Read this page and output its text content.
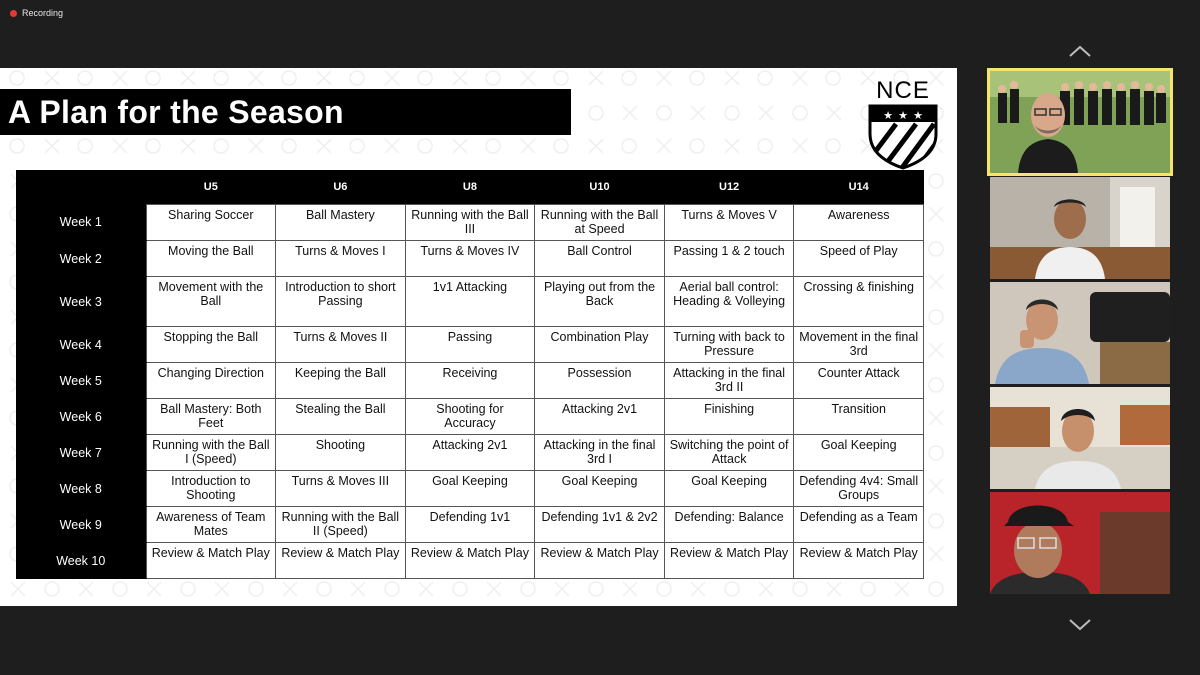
Recording
A Plan for the Season
NCE
★ ★ ★
	U5	U6	U8	U10	U12	U14
Week 1	Sharing Soccer	Ball Mastery	Running with the Ball III	Running with the Ball at Speed	Turns & Moves V	Awareness
Week 2	Moving the Ball	Turns & Moves I	Turns & Moves IV	Ball Control	Passing 1 & 2 touch	Speed of Play
Week 3	Movement with the Ball	Introduction to short Passing	1v1 Attacking	Playing out from the Back	Aerial ball control: Heading & Volleying	Crossing & finishing
Week 4	Stopping the Ball	Turns & Moves II	Passing	Combination Play	Turning with back to Pressure	Movement in the final 3rd
Week 5	Changing Direction	Keeping the Ball	Receiving	Possession	Attacking in the final 3rd II	Counter Attack
Week 6	Ball Mastery: Both Feet	Stealing the Ball	Shooting for Accuracy	Attacking 2v1	Finishing	Transition
Week 7	Running with the Ball I (Speed)	Shooting	Attacking 2v1	Attacking in the final 3rd I	Switching the point of Attack	Goal Keeping
Week 8	Introduction to Shooting	Turns & Moves III	Goal Keeping	Goal Keeping	Goal Keeping	Defending 4v4: Small Groups
Week 9	Awareness of Team Mates	Running with the Ball II (Speed)	Defending 1v1	Defending 1v1 & 2v2	Defending: Balance	Defending as a Team
Week 10	Review & Match Play	Review & Match Play	Review & Match Play	Review & Match Play	Review & Match Play	Review & Match Play
